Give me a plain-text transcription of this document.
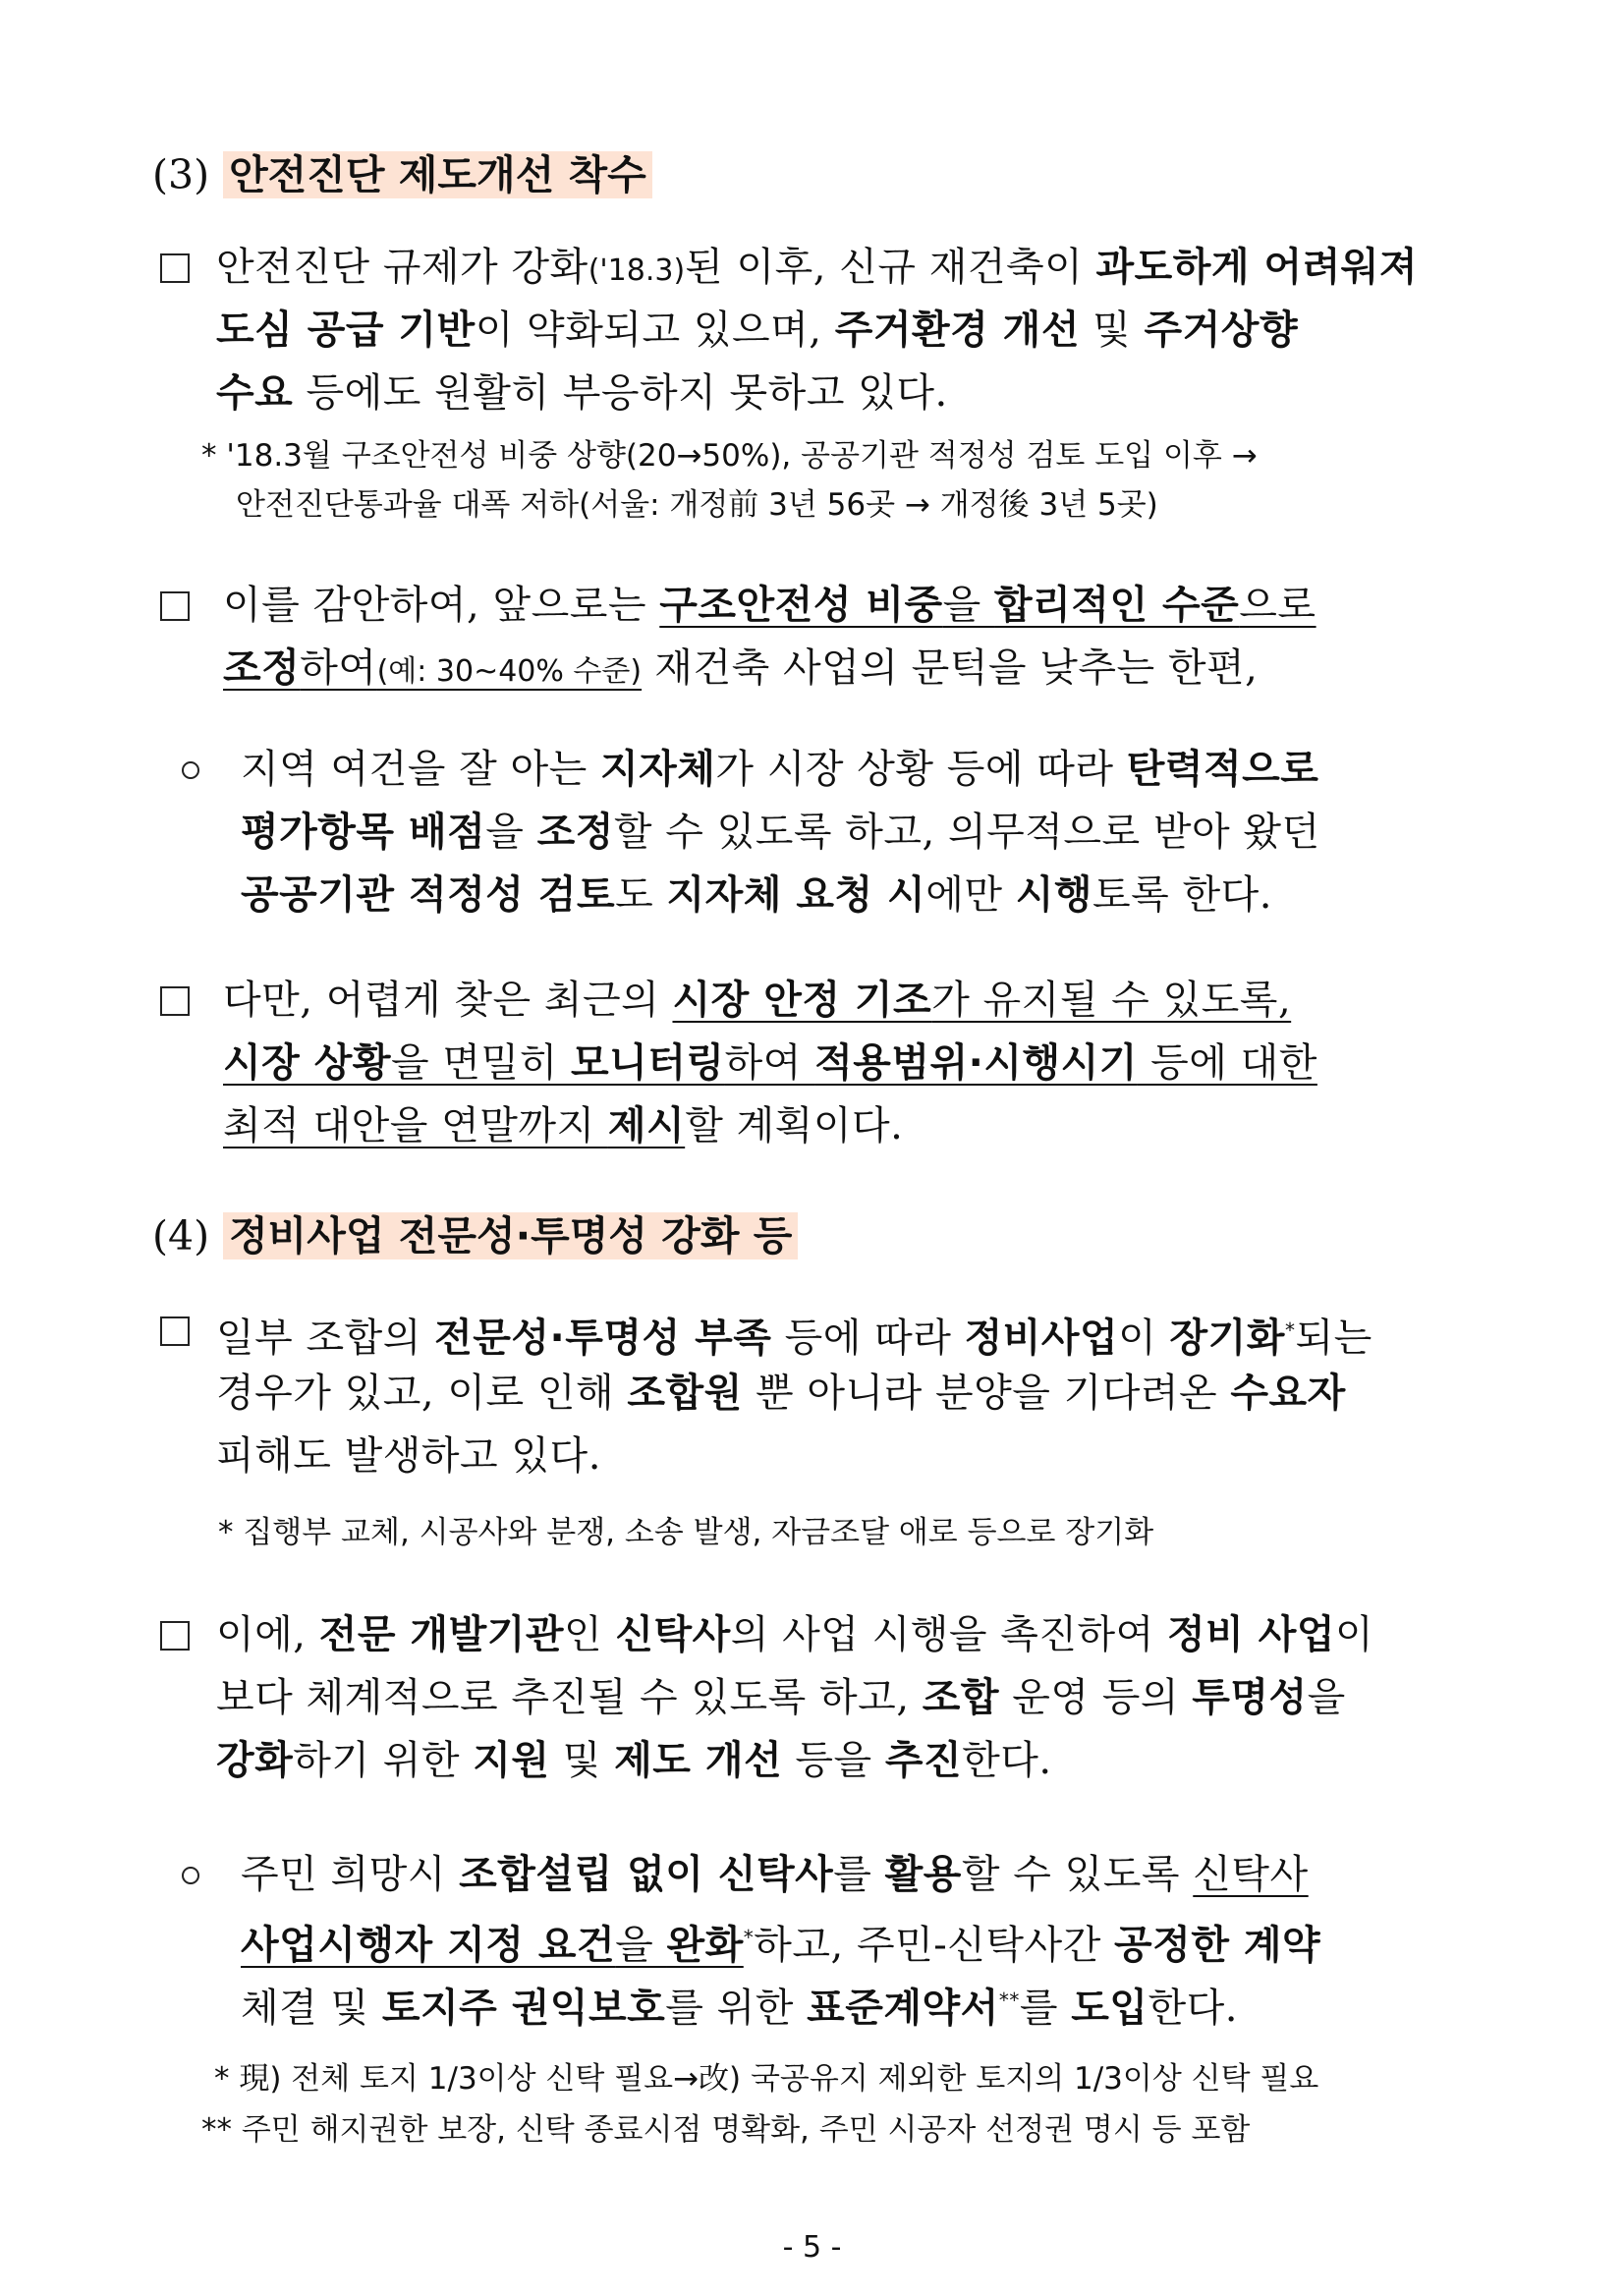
(3) 안전진단 제도개선 착수
안전진단 규제가 강화('18.3)된 이후, 신규 재건축이 과도하게 어려워져
도심 공급 기반이 약화되고 있으며, 주거환경 개선 및 주거상향
수요 등에도 원활히 부응하지 못하고 있다.
* '18.3월 구조안전성 비중 상향(20→50%), 공공기관 적정성 검토 도입 이후 →
안전진단통과율 대폭 저하(서울: 개정前 3년 56곳 → 개정後 3년 5곳)
이를 감안하여, 앞으로는 구조안전성 비중을 합리적인 수준으로
조정하여(예: 30~40% 수준) 재건축 사업의 문턱을 낮추는 한편,
지역 여건을 잘 아는 지자체가 시장 상황 등에 따라 탄력적으로
평가항목 배점을 조정할 수 있도록 하고, 의무적으로 받아 왔던
공공기관 적정성 검토도 지자체 요청 시에만 시행토록 한다.
다만, 어렵게 찾은 최근의 시장 안정 기조가 유지될 수 있도록,
시장 상황을 면밀히 모니터링하여 적용범위·시행시기 등에 대한
최적 대안을 연말까지 제시할 계획이다.
(4) 정비사업 전문성·투명성 강화 등
일부 조합의 전문성·투명성 부족 등에 따라 정비사업이 장기화*되는
경우가 있고, 이로 인해 조합원 뿐 아니라 분양을 기다려온 수요자
피해도 발생하고 있다.
* 집행부 교체, 시공사와 분쟁, 소송 발생, 자금조달 애로 등으로 장기화
이에, 전문 개발기관인 신탁사의 사업 시행을 촉진하여 정비 사업이
보다 체계적으로 추진될 수 있도록 하고, 조합 운영 등의 투명성을
강화하기 위한 지원 및 제도 개선 등을 추진한다.
주민 희망시 조합설립 없이 신탁사를 활용할 수 있도록 신탁사
사업시행자 지정 요건을 완화*하고, 주민-신탁사간 공정한 계약
체결 및 토지주 권익보호를 위한 표준계약서**를 도입한다.
* 現) 전체 토지 1/3이상 신탁 필요→改) 국공유지 제외한 토지의 1/3이상 신탁 필요
** 주민 해지권한 보장, 신탁 종료시점 명확화, 주민 시공자 선정권 명시 등 포함
- 5 -
